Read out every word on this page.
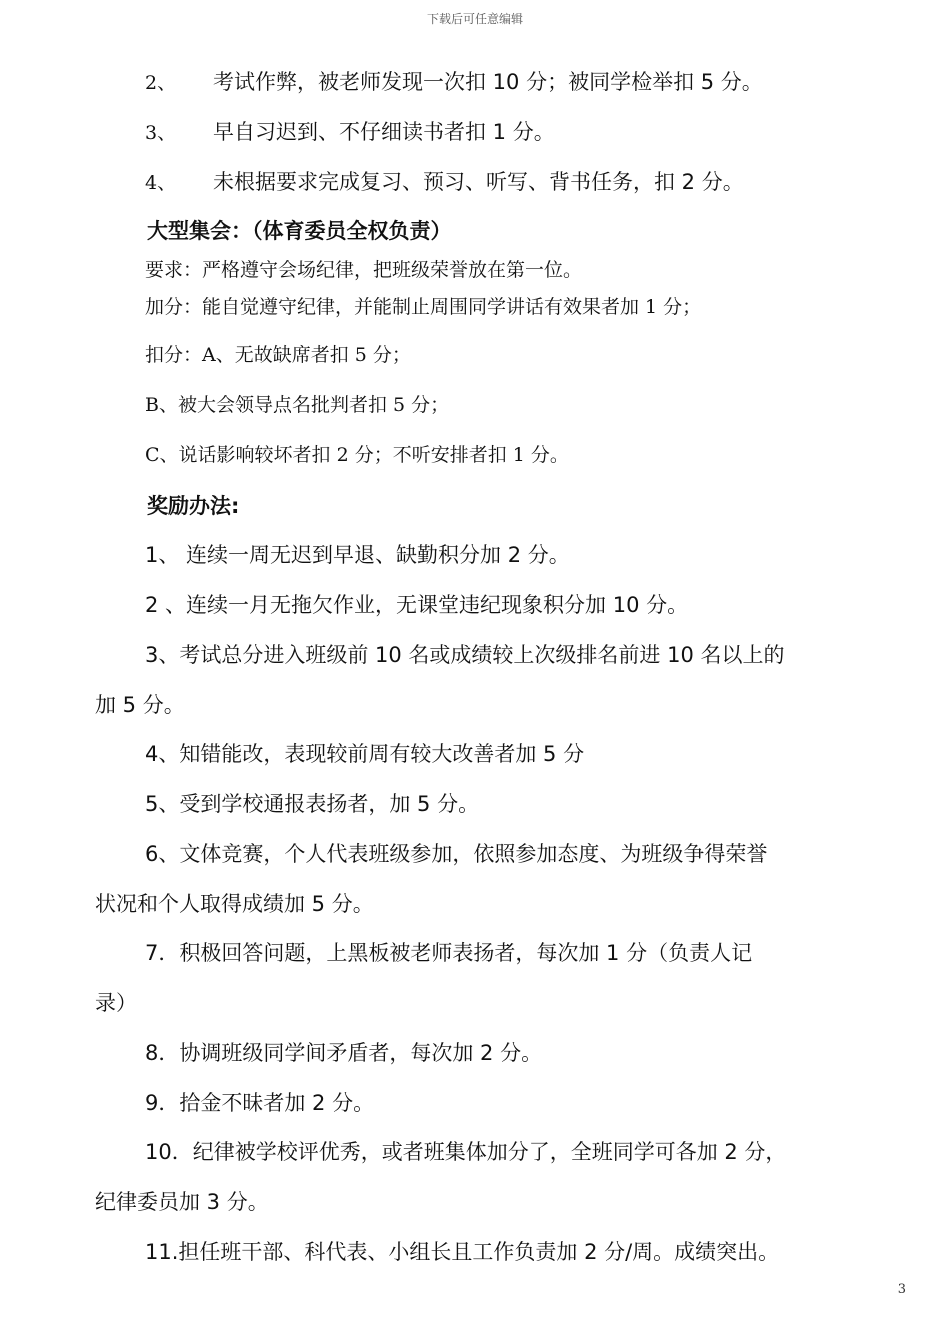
下载后可任意编辑
2、 考试作弊，被老师发现一次扣 10 分；被同学检举扣 5 分。
3、 早自习迟到、不仔细读书者扣 1 分。
4、 未根据要求完成复习、预习、听写、背书任务，扣 2 分。
大型集会：（体育委员全权负责）
要求：严格遵守会场纪律，把班级荣誉放在第一位。
加分：能自觉遵守纪律，并能制止周围同学讲话有效果者加 1 分；
扣分：A、无故缺席者扣 5 分；
B、被大会领导点名批判者扣 5 分；
C、说话影响较坏者扣 2 分；不听安排者扣 1 分。
奖励办法:
1、 连续一周无迟到早退、缺勤积分加 2 分。
2 、连续一月无拖欠作业，无课堂违纪现象积分加 10 分。
3、考试总分进入班级前 10 名或成绩较上次级排名前进 10 名以上的
加 5 分。
4、知错能改，表现较前周有较大改善者加 5 分
5、受到学校通报表扬者，加 5 分。
6、文体竞赛，个人代表班级参加，依照参加态度、为班级争得荣誉
状况和个人取得成绩加 5 分。
7．积极回答问题，上黑板被老师表扬者，每次加 1 分（负责人记
录）
8．协调班级同学间矛盾者，每次加 2 分。
9．拾金不昧者加 2 分。
10．纪律被学校评优秀，或者班集体加分了，全班同学可各加 2 分，
纪律委员加 3 分。
11.担任班干部、科代表、小组长且工作负责加 2 分/周。成绩突出。
3
